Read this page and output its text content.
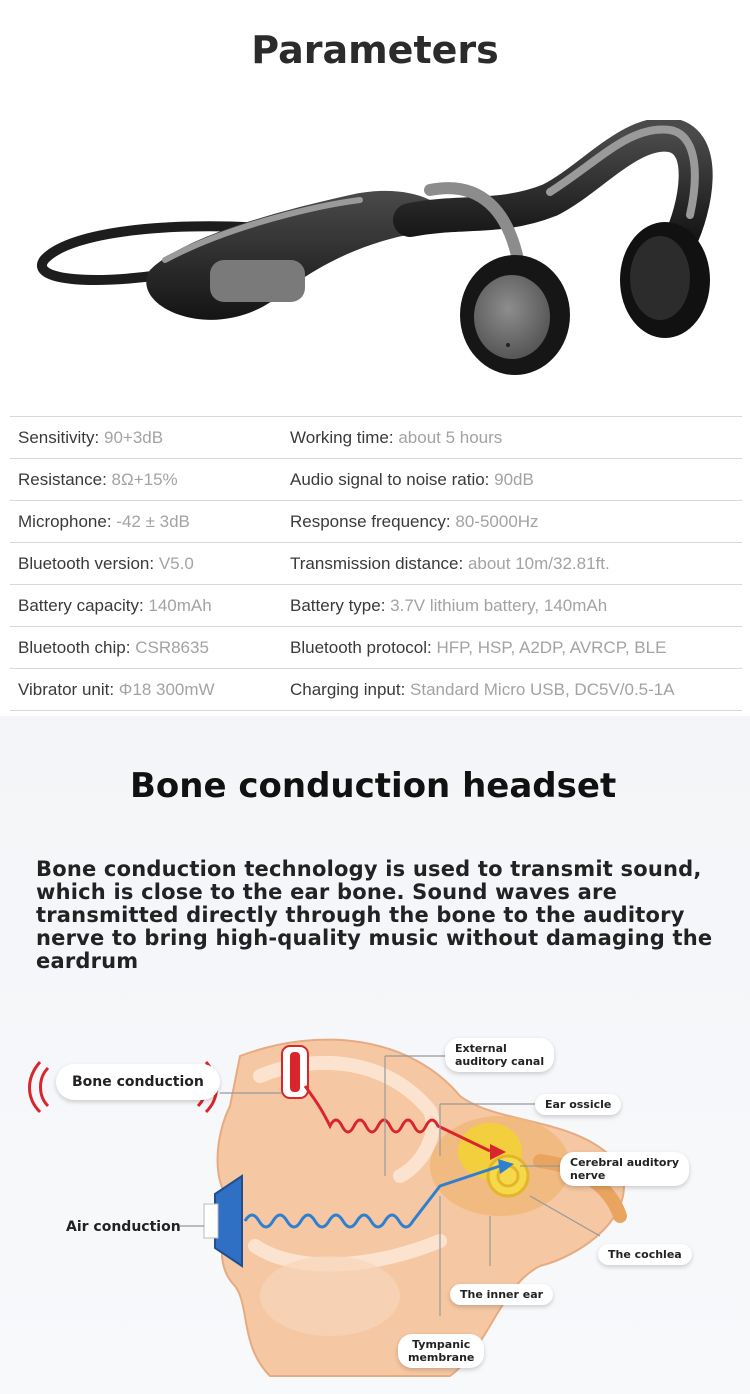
Parameters
Sensitivity: 90+3dB	Working time: about 5 hours
Resistance: 8Ω+15%	Audio signal to noise ratio: 90dB
Microphone: -42 ± 3dB	Response frequency: 80-5000Hz
Bluetooth version: V5.0	Transmission distance: about 10m/32.81ft.
Battery capacity: 140mAh	Battery type: 3.7V lithium battery, 140mAh
Bluetooth chip: CSR8635	Bluetooth protocol: HFP, HSP, A2DP, AVRCP, BLE
Vibrator unit: Φ18 300mW	Charging input: Standard Micro USB, DC5V/0.5-1A
Bone conduction headset
Bone conduction technology is used to transmit sound, which is close to the ear bone. Sound waves are transmitted directly through the bone to the auditory nerve to bring high-quality music without damaging the eardrum
Bone conduction
Air conduction
External
auditory canal
Ear ossicle
Cerebral auditory
nerve
The cochlea
The inner ear
Tympanic
membrane
